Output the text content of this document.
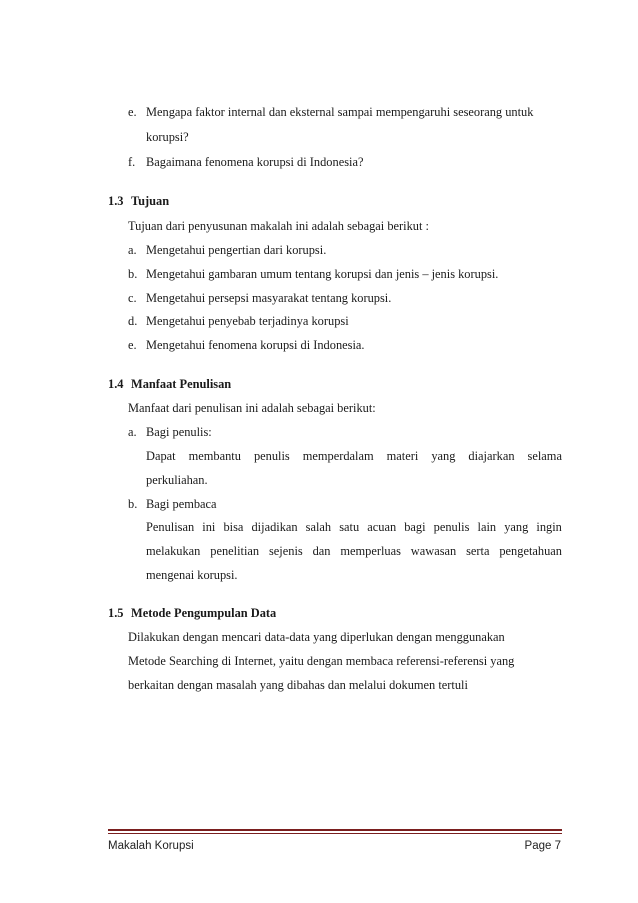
e. Mengapa faktor internal dan eksternal sampai mempengaruhi seseorang untuk
korupsi?
f. Bagaimana fenomena korupsi di Indonesia?
1.3 Tujuan
Tujuan dari penyusunan makalah ini adalah sebagai berikut :
a. Mengetahui pengertian dari korupsi.
b. Mengetahui gambaran umum tentang korupsi dan jenis – jenis korupsi.
c. Mengetahui persepsi masyarakat tentang korupsi.
d. Mengetahui penyebab terjadinya korupsi
e. Mengetahui fenomena korupsi di Indonesia.
1.4 Manfaat Penulisan
Manfaat dari penulisan ini adalah sebagai berikut:
a. Bagi penulis:
Dapat membantu penulis memperdalam materi yang diajarkan selama
perkuliahan.
b. Bagi pembaca
Penulisan ini bisa dijadikan salah satu acuan bagi penulis lain yang ingin
melakukan penelitian sejenis dan memperluas wawasan serta pengetahuan
mengenai korupsi.
1.5 Metode Pengumpulan Data
Dilakukan dengan mencari data-data yang diperlukan dengan menggunakan
Metode Searching di Internet, yaitu dengan membaca referensi-referensi yang
berkaitan dengan masalah yang dibahas dan melalui dokumen tertuli
Makalah Korupsi	Page 7
